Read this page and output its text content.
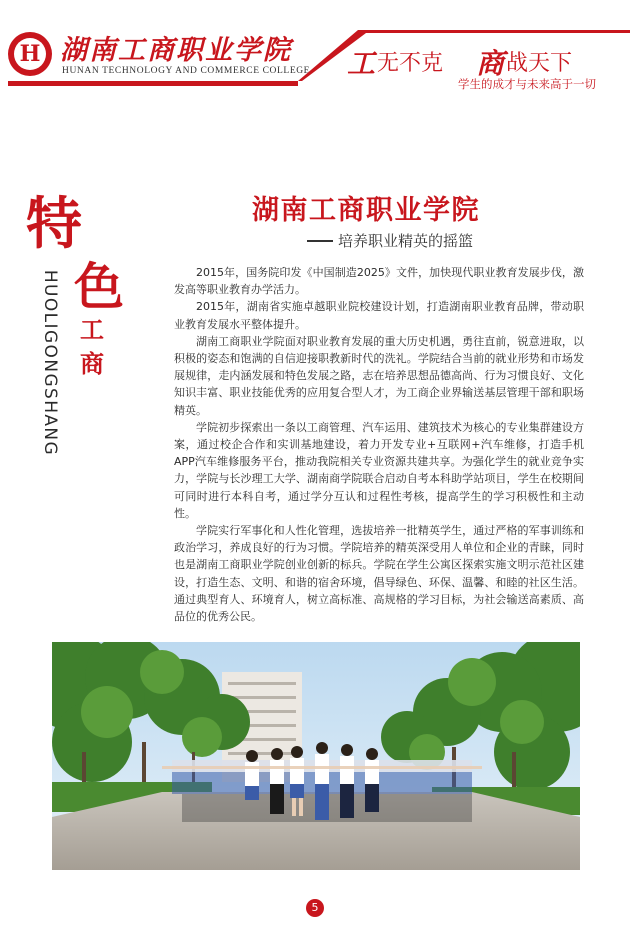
H 湖南工商职业学院
HUNAN TECHNOLOGY AND COMMERCE COLLEGE 工无不克 商战天下
学生的成才与未来高于一切
特
色
工
商
HUOLIGONGSHANG
湖南工商职业学院
培养职业精英的摇篮

2015年，国务院印发《中国制造2025》文件，加快现代职业教育发展步伐，激发高等职业教育办学活力。

2015年，湖南省实施卓越职业院校建设计划，打造湖南职业教育品牌，带动职业教育发展水平整体提升。

湖南工商职业学院面对职业教育发展的重大历史机遇，勇往直前，锐意进取，以积极的姿态和饱满的自信迎接职教新时代的洗礼。学院结合当前的就业形势和市场发展规律，走内涵发展和特色发展之路，志在培养思想品德高尚、行为习惯良好、文化知识丰富、职业技能优秀的应用复合型人才，为工商企业界输送基层管理干部和职场精英。

学院初步探索出一条以工商管理、汽车运用、建筑技术为核心的专业集群建设方案，通过校企合作和实训基地建设，着力开发专业+互联网+汽车维修，打造手机APP汽车维修服务平台，推动我院相关专业资源共建共享。为强化学生的就业竞争实力，学院与长沙理工大学、湖南商学院联合启动自考本科助学站项目，学生在校期间可同时进行本科自考，通过学分互认和过程性考核，提高学生的学习积极性和主动性。

学院实行军事化和人性化管理，选拔培养一批精英学生，通过严格的军事训练和政治学习，养成良好的行为习惯。学院培养的精英深受用人单位和企业的青睐，同时也是湖南工商职业学院创业创新的标兵。学院在学生公寓区探索实施文明示范社区建设，打造生态、文明、和谐的宿舍环境，倡导绿色、环保、温馨、和睦的社区生活。通过典型育人、环境育人，树立高标准、高规格的学习目标，为社会输送高素质、高品位的优秀公民。

5
